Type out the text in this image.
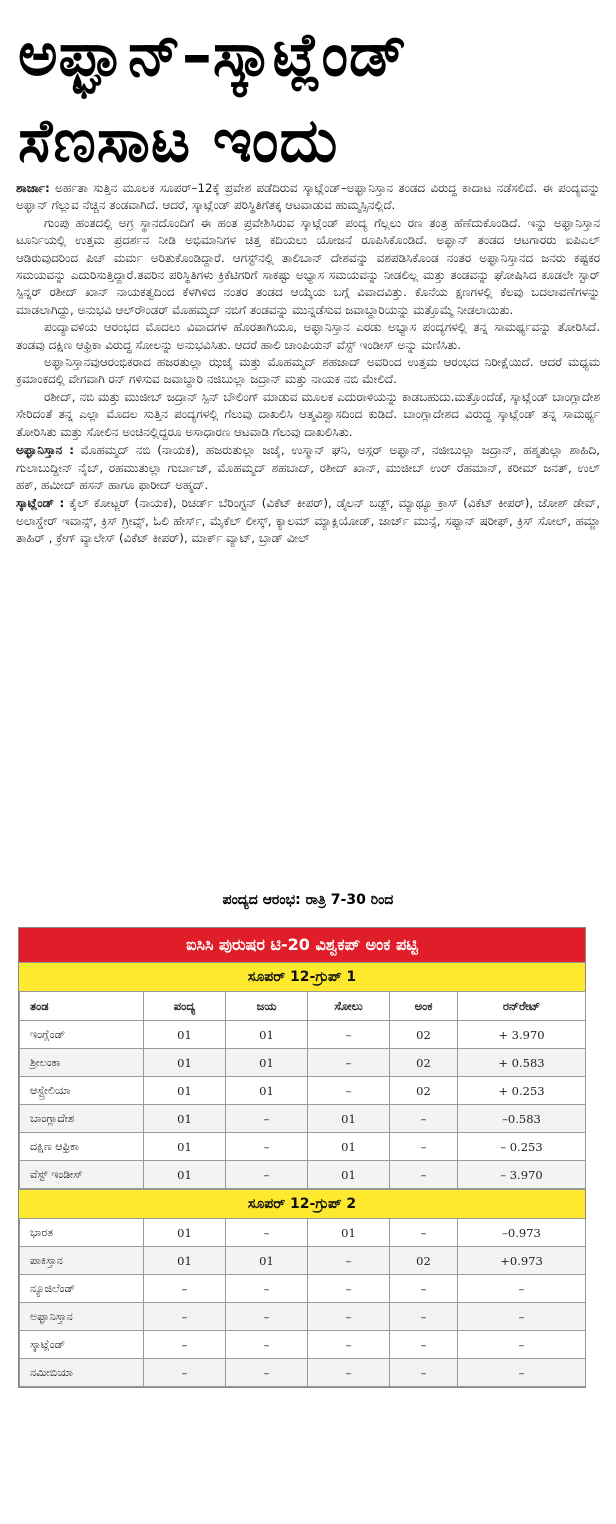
ಅಫ್ಘಾನ್–ಸ್ಕಾಟ್ಲೆಂಡ್
ಸೆಣಸಾಟ ಇಂದು

ಶಾರ್ಜಾ: ಅರ್ಹತಾ ಸುತ್ತಿನ ಮೂಲಕ ಸೂಪರ್–12ಕ್ಕೆ ಪ್ರವೇಶ ಪಡೆದಿರುವ ಸ್ಕಾಟ್ಲೆಂಡ್–ಅಫ್ಘಾನಿಸ್ತಾನ ತಂಡದ ವಿರುದ್ಧ ಕಾದಾಟ ನಡೆಸಲಿದೆ. ಈ ಪಂದ್ಯವನ್ನು ಅಫ್ಘಾನ್ ಗೆಲ್ಲುವ ನೆಚ್ಚಿನ ತಂಡವಾಗಿದೆ. ಆದರೆ, ಸ್ಕಾಟ್ಲೆಂಡ್ ಪರಿಸ್ಥಿತಿಗೆತಕ್ಕ ಆಟವಾಡುವ ಹುಮ್ಮಸ್ಸಿನಲ್ಲಿದೆ.

ಗುಂಪು ಹಂತದಲ್ಲಿ ಅಗ್ರ ಸ್ಥಾನದೊಂದಿಗೆ ಈ ಹಂತ ಪ್ರವೇಶಿಸಿರುವ ಸ್ಕಾಟ್ಲೆಂಡ್ ಪಂದ್ಯ ಗೆಲ್ಲಲು ರಣ ತಂತ್ರ ಹೆಣೆದುಕೊಂಡಿದೆ. ಇನ್ನು ಅಫ್ಘಾನಿಸ್ತಾನ ಟೂರ್ನಿಯಲ್ಲಿ ಉತ್ತಮ ಪ್ರದರ್ಶನ ನೀಡಿ ಅಭಿಮಾನಿಗಳ ಚಿತ್ತ ಕದಿಯಲು ಯೋಜನೆ ರೂಪಿಸಿಕೊಂಡಿದೆ. ಅಫ್ಘಾನ್ ತಂಡದ ಆಟಗಾರರು ಐಪಿಎಲ್ ಆಡಿರುವುದರಿಂದ ಪಿಚ್ ಮರ್ಮ ಅರಿತುಕೊಂಡಿದ್ದಾರೆ. ಆಗಸ್ಟ್‌ನಲ್ಲಿ ತಾಲಿಬಾನ್ ದೇಶವನ್ನು ವಶಪಡಿಸಿಕೊಂಡ ನಂತರ ಅಫ್ಘಾನಿಸ್ತಾನದ ಜನರು ಕಷ್ಟಕರ ಸಮಯವನ್ನು ಎದುರಿಸುತ್ತಿದ್ದಾರೆ.ತವರಿನ ಪರಿಸ್ಥಿತಿಗಳು ಕ್ರಿಕೆಟಿಗರಿಗೆ ಸಾಕಷ್ಟು ಅಭ್ಯಾಸ ಸಮಯವನ್ನು ನೀಡಲಿಲ್ಲ ಮತ್ತು ತಂಡವನ್ನು ಘೋಷಿಸಿದ ಕೂಡಲೇ ಸ್ಟಾರ್ ಸ್ಪಿನ್ನರ್ ರಶೀದ್ ಖಾನ್ ನಾಯಕತ್ವದಿಂದ ಕೆಳಗಿಳಿದ ನಂತರ ತಂಡದ ಆಯ್ಕೆಯ ಬಗ್ಗೆ ವಿವಾದವಿತ್ತು. ಕೊನೆಯ ಕ್ಷಣಗಳಲ್ಲಿ ಕೆಲವು ಬದಲಾವಣೆಗಳನ್ನು ಮಾಡಲಾಗಿದ್ದು, ಅನುಭವಿ ಆಲ್‌ರೌಂಡರ್ ಮೊಹಮ್ಮದ್ ನಬಿಗೆ ತಂಡವನ್ನು ಮುನ್ನಡೆಸುವ ಜವಾಬ್ದಾರಿಯನ್ನು ಮತ್ತೊಮ್ಮೆ ನೀಡಲಾಯಿತು.

ಪಂದ್ಯಾವಳಿಯ ಆರಂಭದ ಮೊದಲು ವಿವಾದಗಳ ಹೊರತಾಗಿಯೂ, ಅಫ್ಘಾನಿಸ್ತಾನ ಎರಡು ಅಭ್ಯಾಸ ಪಂದ್ಯಗಳಲ್ಲಿ ತನ್ನ ಸಾಮರ್ಥ್ಯವನ್ನು ತೋರಿಸಿದೆ. ತಂಡವು ದಕ್ಷಿಣ ಆಫ್ರಿಕಾ ವಿರುದ್ಧ ಸೋಲನ್ನು ಅನುಭವಿಸಿತು. ಆದರೆ ಹಾಲಿ ಚಾಂಪಿಯನ್ ವೆಸ್ಟ್ ಇಂಡೀಸ್ ಅನ್ನು ಮಣಿಸಿತು.

ಅಫ್ಘಾನಿಸ್ತಾನವುಆರಂಭಿಕರಾದ ಹಜರತುಲ್ಲಾ ಝಜೈ ಮತ್ತು ಮೊಹಮ್ಮದ್ ಶಹಜಾದ್ ಅವರಿಂದ ಉತ್ತಮ ಆರಂಭದ ನಿರೀಕ್ಷೆಯಿದೆ. ಆದರೆ ಮಧ್ಯಮ ಕ್ರಮಾಂಕದಲ್ಲಿ ವೇಗವಾಗಿ ರನ್ ಗಳಿಸುವ ಜವಾಬ್ದಾರಿ ನಜಿಬುಲ್ಲಾ ಜದ್ರಾನ್ ಮತ್ತು ನಾಯಕ ನಬಿ ಮೇಲಿದೆ.

ರಶೀದ್, ನಬಿ ಮತ್ತು ಮುಜೀಬ್ ಜದ್ರಾನ್ ಸ್ಪಿನ್ ಬೌಲಿಂಗ್ ಮಾಡುವ ಮೂಲಕ ಎದುರಾಳಿಯನ್ನು ಕಾಡಬಹುದು.ಮತ್ತೊಂದೆಡೆ, ಸ್ಕಾಟ್ಲೆಂಡ್ ಬಾಂಗ್ಲಾದೇಶ ಸೇರಿದಂತೆ ತನ್ನ ಎಲ್ಲಾ ಮೊದಲ ಸುತ್ತಿನ ಪಂದ್ಯಗಳಲ್ಲಿ ಗೆಲುವು ದಾಖಲಿಸಿ ಆತ್ಮವಿಶ್ವಾಸದಿಂದ ಕುಡಿದೆ. ಬಾಂಗ್ಲಾದೇಶದ ವಿರುದ್ಧ ಸ್ಕಾಟ್ಲೆಂಡ್ ತನ್ನ ಸಾಮರ್ಥ್ಯ ತೋರಿಸಿತು ಮತ್ತು ಸೋಲಿನ ಅಂಚಿನಲ್ಲಿದ್ದರೂ ಅಸಾಧಾರಣ ಆಟವಾಡಿ ಗೆಲುವು ದಾಖಲಿಸಿತು.

ಅಫ್ಘಾನಿಸ್ತಾನ : ಮೊಹಮ್ಮದ್ ನಬಿ (ನಾಯಕ), ಹಜರುತುಲ್ಲಾ ಜಜೈ, ಉಸ್ಮಾನ್ ಘನಿ, ಅಸ್ಗರ್ ಅಫ್ಘಾನ್, ನಜೀಬುಲ್ಲಾ ಜದ್ರಾನ್, ಹಶ್ಮತುಲ್ಲಾ ಶಾಹಿದಿ, ಗುಲಾಬುದ್ದೀನ್ ನೈಬ್, ರಹಮುತುಲ್ಲಾ ಗುರ್ಬಾಜ್, ಮೊಹಮ್ಮದ್ ಶಹಬಾದ್, ರಶೀದ್ ಖಾನ್, ಮುಜೀಬ್ ಉರ್ ರೆಹಮಾನ್, ಕರೀಮ್ ಜನತ್, ಉಲ್ ಹಕ್, ಹಮೀದ್ ಹಸನ್ ಹಾಗೂ ಫಾರೀದ್ ಅಹ್ಮದ್.

ಸ್ಕಾಟ್ಲೆಂಡ್ : ಕೈಲ್ ಕೋಟ್ಜರ್ (ನಾಯಕ), ರಿಚರ್ಡ್ ಬೆರಿಂಗ್ಟನ್ (ವಿಕೆಟ್ ಕೀಪರ್), ಡೈಲನ್ ಬಡ್ಜ್, ಮ್ಯಾಥ್ಯೂ ಕ್ರಾಸ್ (ವಿಕೆಟ್ ಕೀಪರ್), ಜೋಶ್ ಡೇವ್, ಅಲಾಸ್ಡೇರ್ ಇವಾನ್ಸ್, ಕ್ರಿಸ್ ಗ್ರೀವ್ಸ್, ಓಲಿ ಹೇರ್ಸ್, ಮೈಕೆಲ್ ಲೀಸ್ಕ್, ಕ್ಯಾಲಮ್ ಮ್ಯಾಕ್ಲಿಯೋಡ್, ಜಾರ್ಜ್ ಮುನ್ಸೆ, ಸಫ್ಯಾನ್ ಷರೀಫ್, ಕ್ರಿಸ್ ಸೋಲ್, ಹಮ್ಜಾ ತಾಹಿರ್ , ಕ್ರೇಗ್ ವ್ಯಾಲೇಸ್ (ವಿಕೆಟ್ ಕೀಪರ್), ಮಾರ್ಕ್ ವ್ಯಾಟ್, ಬ್ರಾಡ್ ವೀಲ್

ಪಂದ್ಯದ ಆರಂಭ: ರಾತ್ರಿ 7-30 ರಿಂದ
ಐಸಿಸಿ ಪುರುಷರ ಟಿ-20 ವಿಶ್ವಕಪ್ ಅಂಕ ಪಟ್ಟಿ
ಸೂಪರ್ 12-ಗ್ರುಪ್ 1
ತಂಡ	ಪಂದ್ಯ	ಜಯ	ಸೋಲು	ಅಂಕ	ರನ್‌ರೇಟ್
ಇಂಗ್ಲೆಂಡ್	01	01	–	02	+ 3.970
ಶ್ರೀಲಂಕಾ	01	01	–	02	+ 0.583
ಆಸ್ಟ್ರೇಲಿಯಾ	01	01	–	02	+ 0.253
ಬಾಂಗ್ಲಾದೇಶ	01	–	01	–	–0.583
ದಕ್ಷಿಣ ಆಫ್ರಿಕಾ	01	–	01	–	– 0.253
ವೆಸ್ಟ್ ಇಂಡೀಸ್	01	–	01	–	– 3.970
ಸೂಪರ್ 12-ಗ್ರುಪ್ 2
ಭಾರತ	01	–	01	–	–0.973
ಪಾಕಿಸ್ತಾನ	01	01	–	02	+0.973
ನ್ಯೂಜಿಲೆಂಡ್	–	–	–	–	–
ಅಫ್ಘಾನಿಸ್ತಾನ	–	–	–	–	–
ಸ್ಕಾಟ್ಲೆಂಡ್	–	–	–	–	–
ನಮೀಬಿಯಾ	–	–	–	–	–
